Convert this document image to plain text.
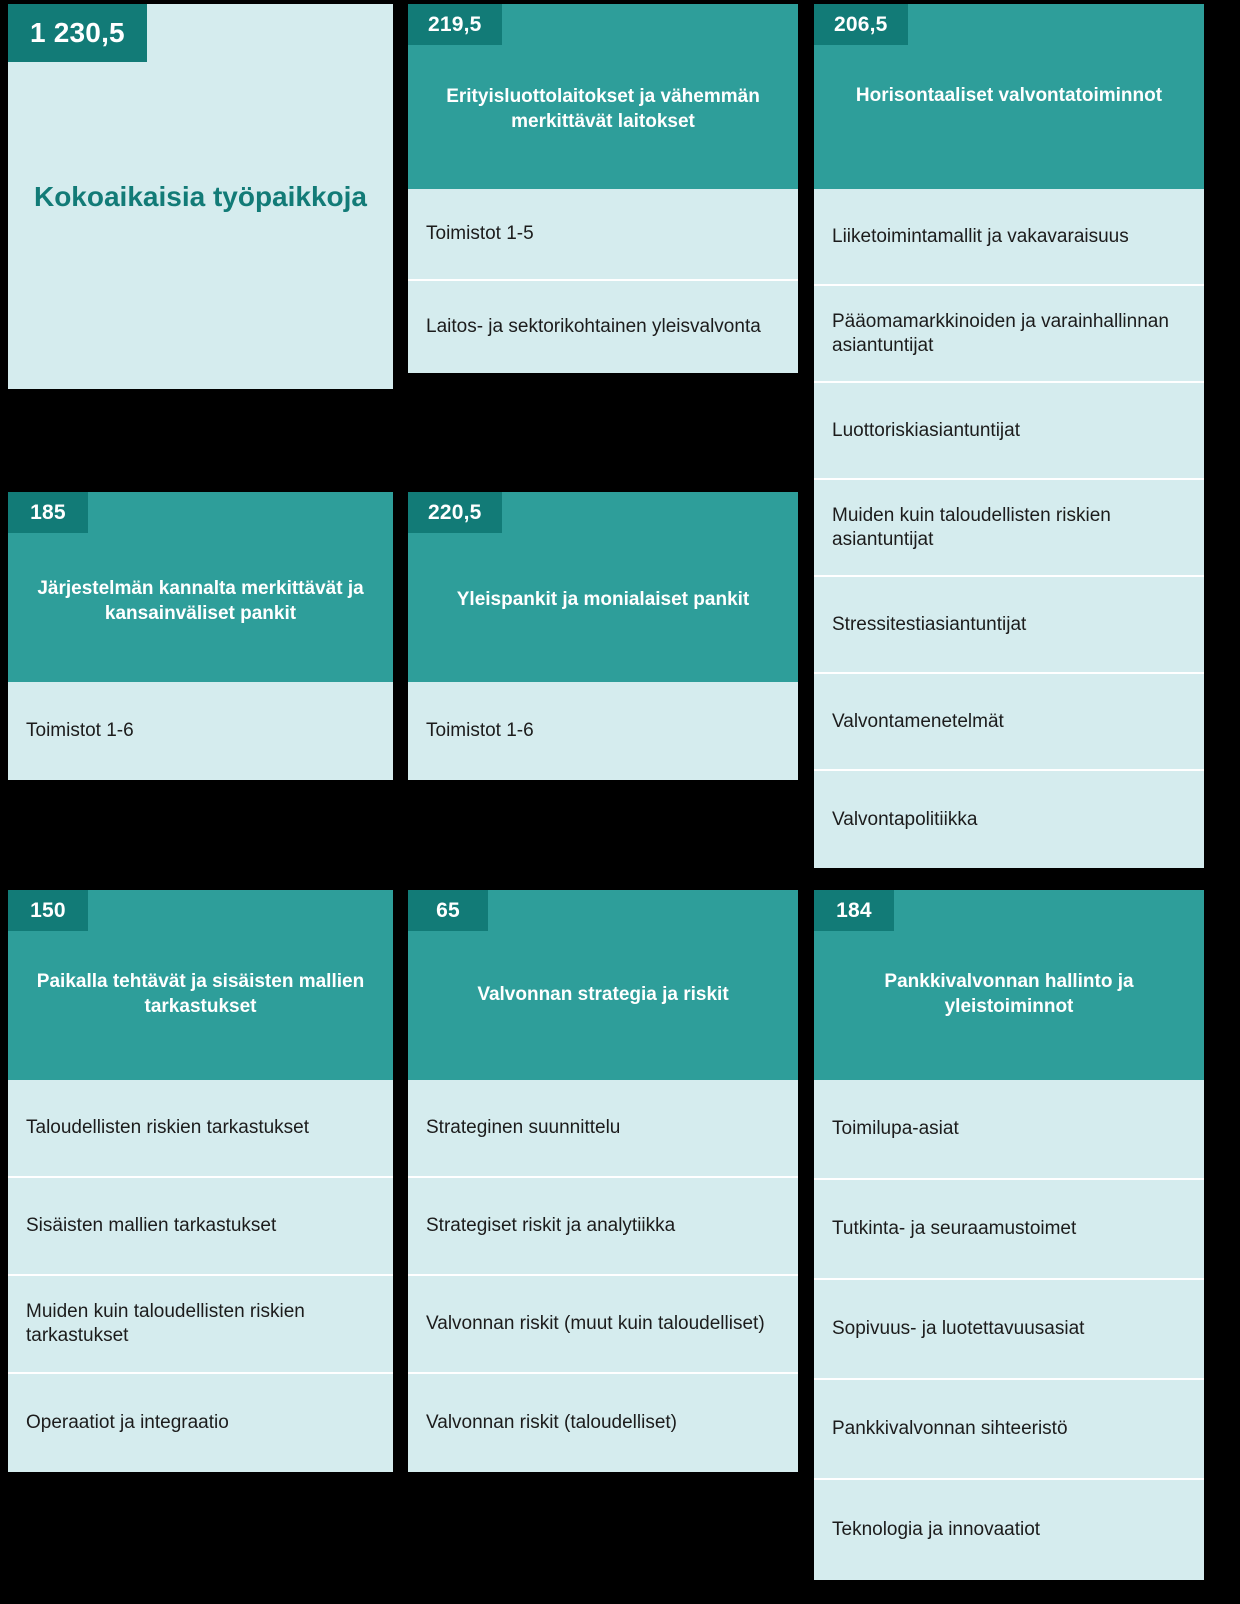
1 230,5
Kokoaikaisia työpaikkoja
219,5
Erityisluottolaitokset ja vähemmän merkittävät laitokset
Toimistot 1-5
Laitos- ja sektorikohtainen yleisvalvonta
206,5
Horisontaaliset valvontatoiminnot
Liiketoimintamallit ja vakavaraisuus
Pääomamarkkinoiden ja varainhallinnan asiantuntijat
Luottoriskiasiantuntijat
Muiden kuin taloudellisten riskien asiantuntijat
Stressitestiasiantuntijat
Valvontamenetelmät
Valvontapolitiikka
185
Järjestelmän kannalta merkittävät ja kansainväliset pankit
Toimistot 1-6
220,5
Yleispankit ja monialaiset pankit
Toimistot 1-6
150
Paikalla tehtävät ja sisäisten mallien tarkastukset
Taloudellisten riskien tarkastukset
Sisäisten mallien tarkastukset
Muiden kuin taloudellisten riskien tarkastukset
Operaatiot ja integraatio
65
Valvonnan strategia ja riskit
Strateginen suunnittelu
Strategiset riskit ja analytiikka
Valvonnan riskit (muut kuin taloudelliset)
Valvonnan riskit (taloudelliset)
184
Pankkivalvonnan hallinto ja yleistoiminnot
Toimilupa-asiat
Tutkinta- ja seuraamustoimet
Sopivuus- ja luotettavuusasiat
Pankkivalvonnan sihteeristö
Teknologia ja innovaatiot
